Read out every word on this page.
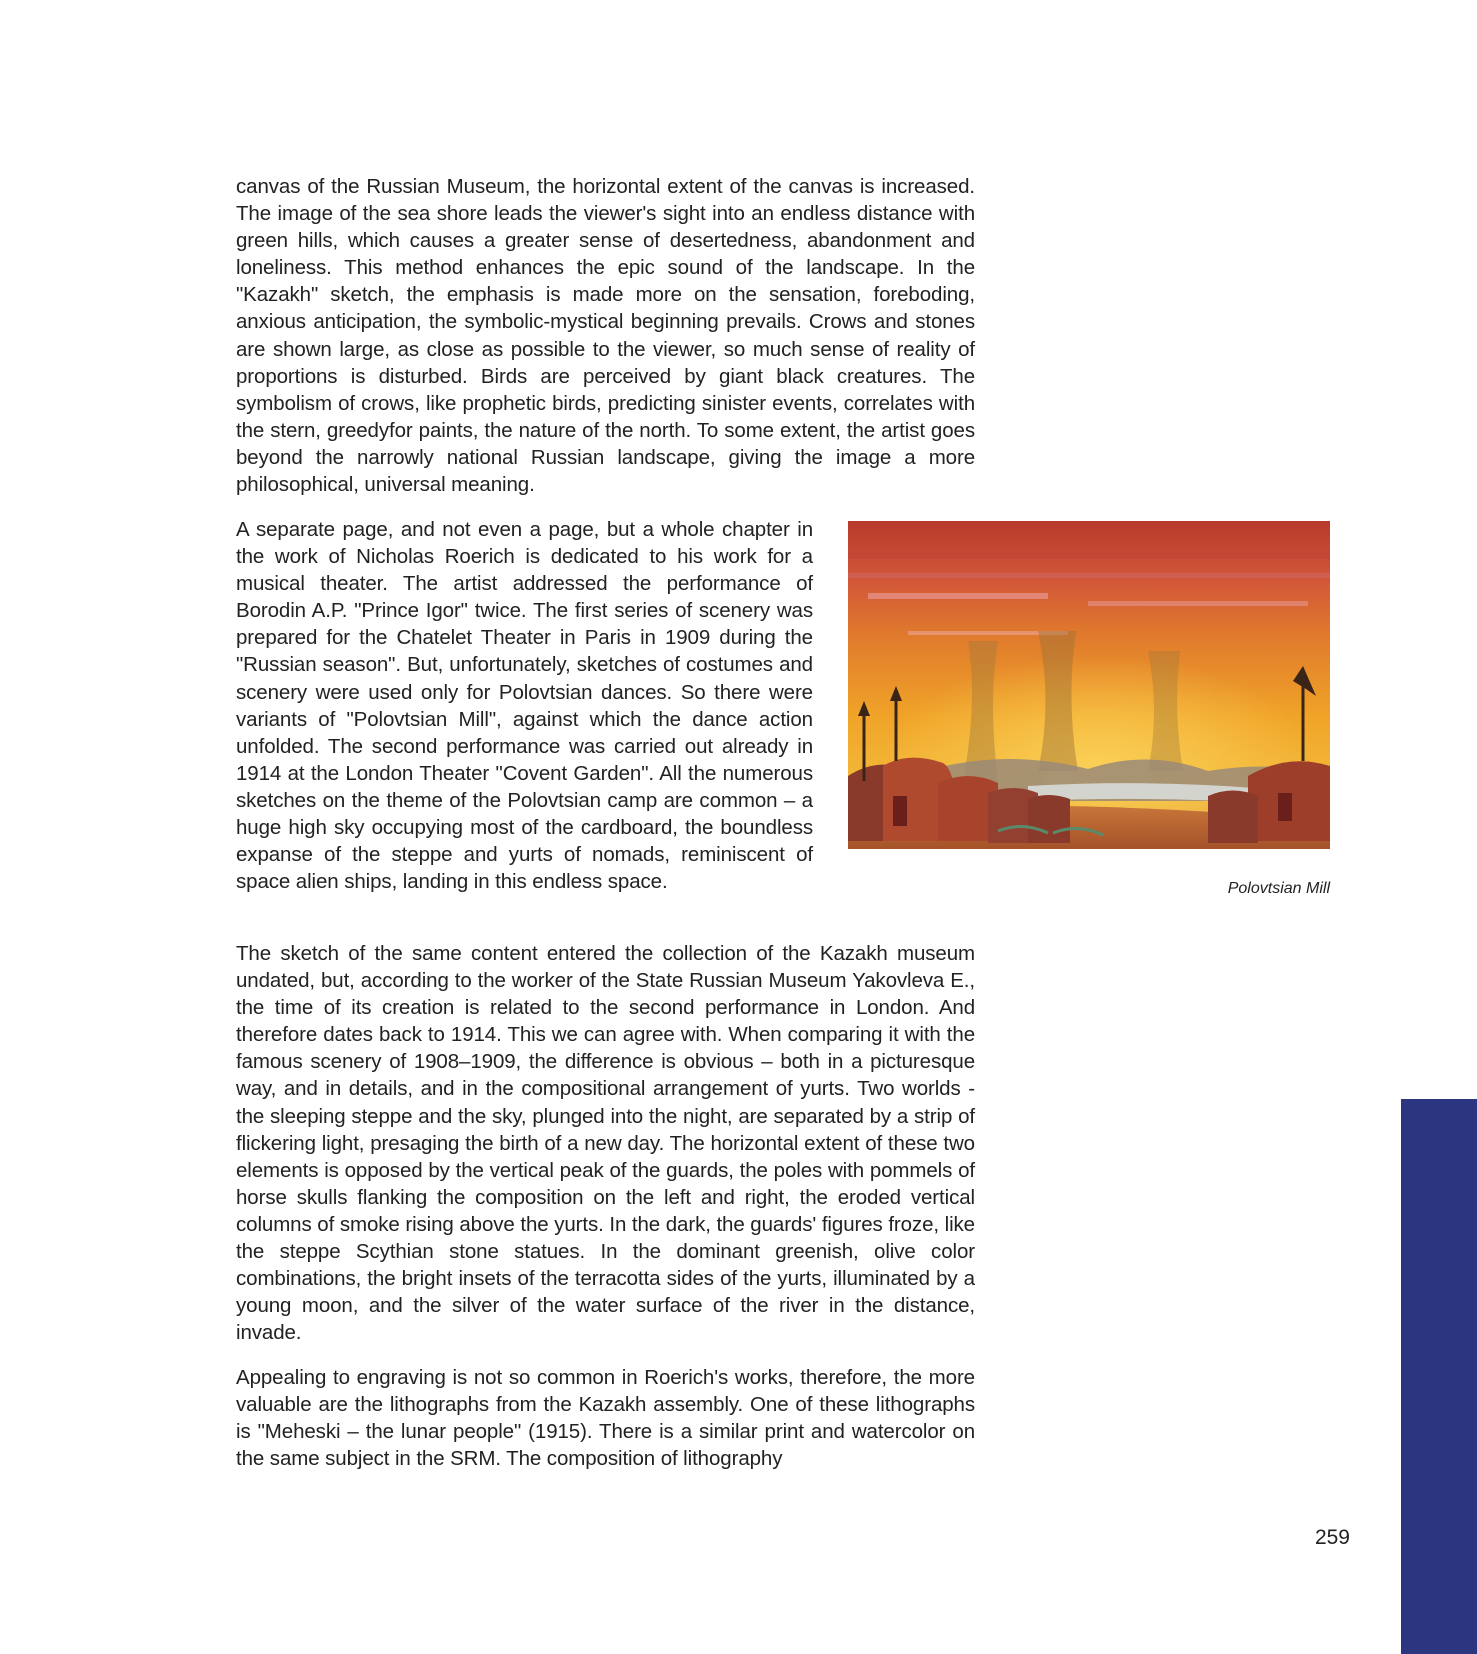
canvas of the Russian Museum, the horizontal extent of the canvas is increased. The image of the sea shore leads the viewer's sight into an endless distance with green hills, which causes a greater sense of desertedness, abandonment and loneliness. This method enhances the epic sound of the landscape. In the "Kazakh" sketch, the emphasis is made more on the sensation, foreboding, anxious anticipation, the symbolic-mystical beginning prevails. Crows and stones are shown large, as close as possible to the viewer, so much sense of reality of proportions is disturbed. Birds are perceived by giant black creatures. The symbolism of crows, like prophetic birds, predicting sinister events, correlates with the stern, greedyfor paints, the nature of the north. To some extent, the artist goes beyond the narrowly national Russian landscape, giving the image a more philosophical, universal meaning.

A separate page, and not even a page, but a whole chapter in the work of Nicholas Roerich is dedicated to his work for a musical theater. The artist addressed the performance of Borodin A.P. "Prince Igor" twice. The first series of scenery was prepared for the Chatelet Theater in Paris in 1909 during the "Russian season". But, unfortunately, sketches of costumes and scenery were used only for Polovtsian dances. So there were variants of "Polovtsian Mill", against which the dance action unfolded. The second performance was carried out already in 1914 at the London Theater "Covent Garden". All the numerous sketches on the theme of the Polovtsian camp are common – a huge high sky occupying most of the cardboard, the boundless expanse of the steppe and yurts of nomads, reminiscent of space alien ships, landing in this endless space.	Polovtsian Mill

The sketch of the same content entered the collection of the Kazakh museum undated, but, according to the worker of the State Russian Museum Yakovleva E., the time of its creation is related to the second performance in London. And therefore dates back to 1914. This we can agree with. When comparing it with the famous scenery of 1908–1909, the difference is obvious – both in a picturesque way, and in details, and in the compositional arrangement of yurts. Two worlds - the sleeping steppe and the sky, plunged into the night, are separated by a strip of flickering light, presaging the birth of a new day. The horizontal extent of these two elements is opposed by the vertical peak of the guards, the poles with pommels of horse skulls flanking the composition on the left and right, the eroded vertical columns of smoke rising above the yurts. In the dark, the guards' figures froze, like the steppe Scythian stone statues. In the dominant greenish, olive color combinations, the bright insets of the terracotta sides of the yurts, illuminated by a young moon, and the silver of the water surface of the river in the distance, invade.

Appealing to engraving is not so common in Roerich's works, therefore, the more valuable are the lithographs from the Kazakh assembly. One of these lithographs is "Meheski – the lunar people" (1915). There is a similar print and watercolor on the same subject in the SRM. The composition of lithography

259
